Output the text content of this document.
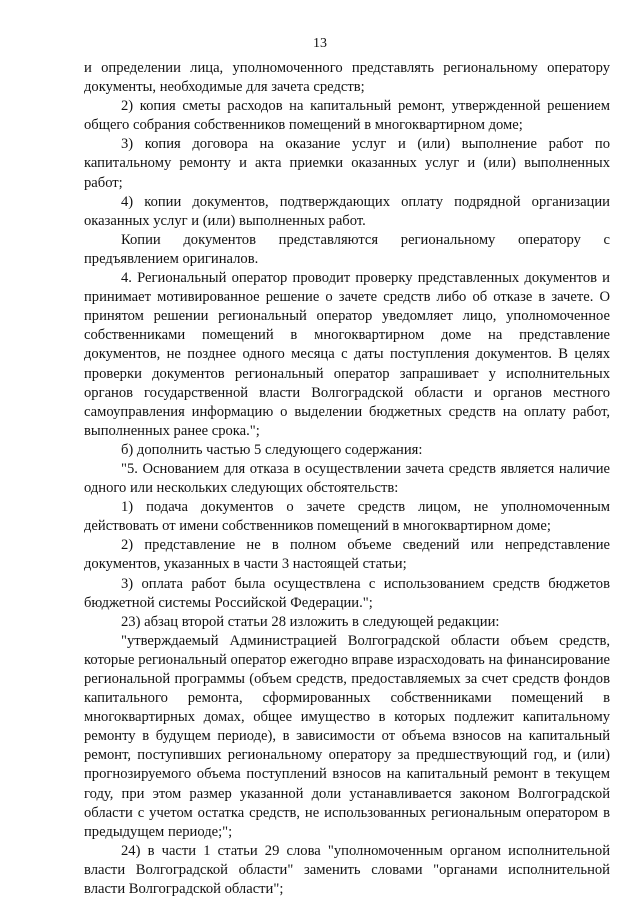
13

и определении лица, уполномоченного представлять региональному оператору документы, необходимые для зачета средств;

2) копия сметы расходов на капитальный ремонт, утвержденной решением общего собрания собственников помещений в многоквартирном доме;

3) копия договора на оказание услуг и (или) выполнение работ по капитальному ремонту и акта приемки оказанных услуг и (или) выполненных работ;

4) копии документов, подтверждающих оплату подрядной организации оказанных услуг и (или) выполненных работ.

Копии документов представляются региональному оператору с предъявлением оригиналов.

4. Региональный оператор проводит проверку представленных документов и принимает мотивированное решение о зачете средств либо об отказе в зачете. О принятом решении региональный оператор уведомляет лицо, уполномоченное собственниками помещений в многоквартирном доме на представление документов, не позднее одного месяца с даты поступления документов. В целях проверки документов региональный оператор запрашивает у исполнительных органов государственной власти Волгоградской области и органов местного самоуправления информацию о выделении бюджетных средств на оплату работ, выполненных ранее срока.";

б) дополнить частью 5 следующего содержания:

"5. Основанием для отказа в осуществлении зачета средств является наличие одного или нескольких следующих обстоятельств:

1) подача документов о зачете средств лицом, не уполномоченным действовать от имени собственников помещений в многоквартирном доме;

2) представление не в полном объеме сведений или непредставление документов, указанных в части 3 настоящей статьи;

3) оплата работ была осуществлена с использованием средств бюджетов бюджетной системы Российской Федерации.";

23) абзац второй статьи 28 изложить в следующей редакции:

"утверждаемый Администрацией Волгоградской области объем средств, которые региональный оператор ежегодно вправе израсходовать на финансирование региональной программы (объем средств, предоставляемых за счет средств фондов капитального ремонта, сформированных собственниками помещений в многоквартирных домах, общее имущество в которых подлежит капитальному ремонту в будущем периоде), в зависимости от объема взносов на капитальный ремонт, поступивших региональному оператору за предшествующий год, и (или) прогнозируемого объема поступлений взносов на капитальный ремонт в текущем году, при этом размер указанной доли устанавливается законом Волгоградской области с учетом остатка средств, не использованных региональным оператором в предыдущем периоде;";

24) в части 1 статьи 29 слова "уполномоченным органом исполнительной власти Волгоградской области" заменить словами "органами исполнительной власти Волгоградской области";
